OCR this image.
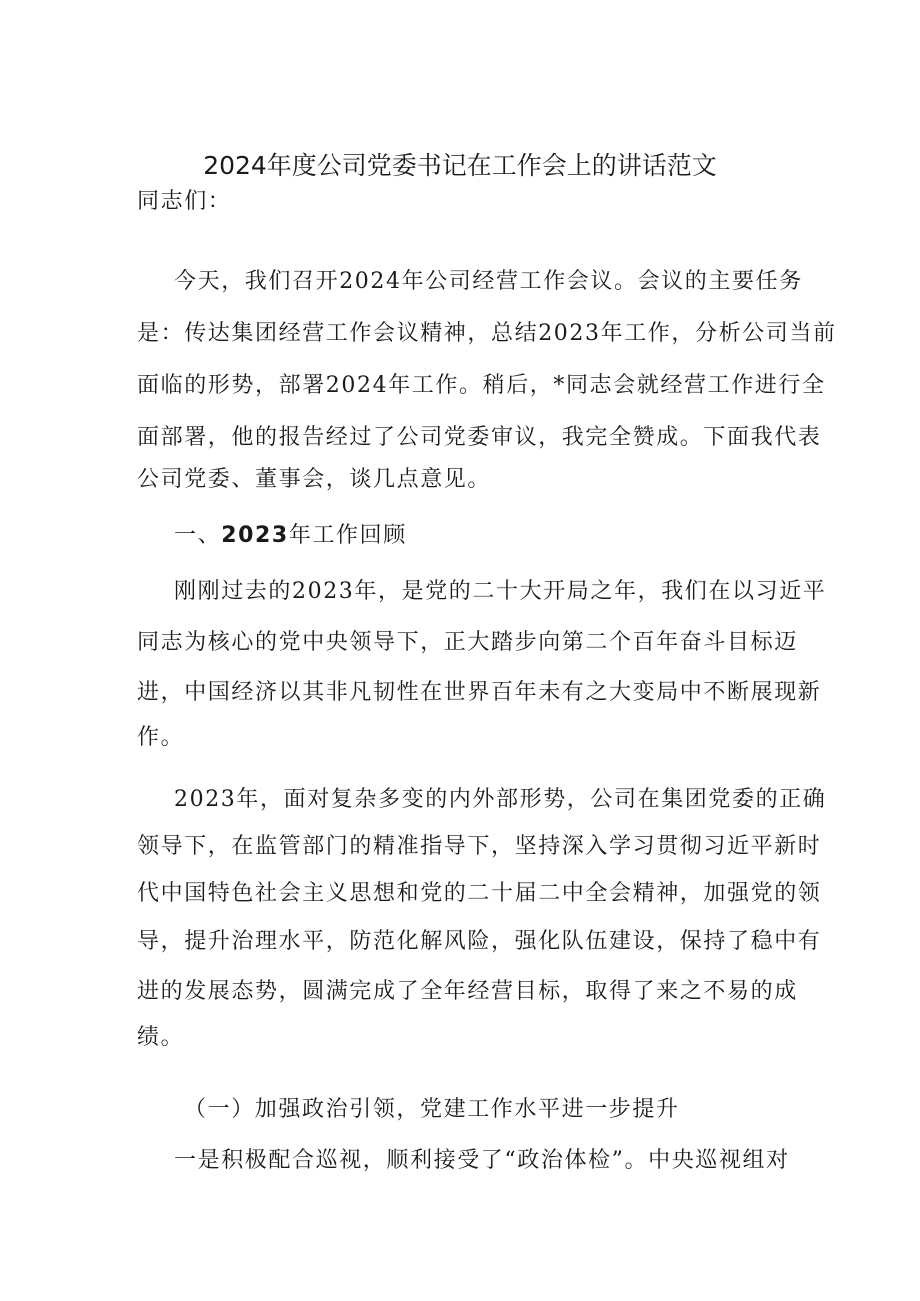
2024年度公司党委书记在工作会上的讲话范文
同志们：
今天，我们召开2024年公司经营工作会议。会议的主要任务
是：传达集团经营工作会议精神，总结2023年工作，分析公司当前
面临的形势，部署2024年工作。稍后，*同志会就经营工作进行全
面部署，他的报告经过了公司党委审议，我完全赞成。下面我代表
公司党委、董事会，谈几点意见。
一、2023年工作回顾
刚刚过去的2023年，是党的二十大开局之年，我们在以习近平
同志为核心的党中央领导下，正大踏步向第二个百年奋斗目标迈
进，中国经济以其非凡韧性在世界百年未有之大变局中不断展现新
作。
2023年，面对复杂多变的内外部形势，公司在集团党委的正确
领导下，在监管部门的精准指导下，坚持深入学习贯彻习近平新时
代中国特色社会主义思想和党的二十届二中全会精神，加强党的领
导，提升治理水平，防范化解风险，强化队伍建设，保持了稳中有
进的发展态势，圆满完成了全年经营目标，取得了来之不易的成
绩。
（一）加强政治引领，党建工作水平进一步提升
一是积极配合巡视，顺利接受了“政治体检”。中央巡视组对
